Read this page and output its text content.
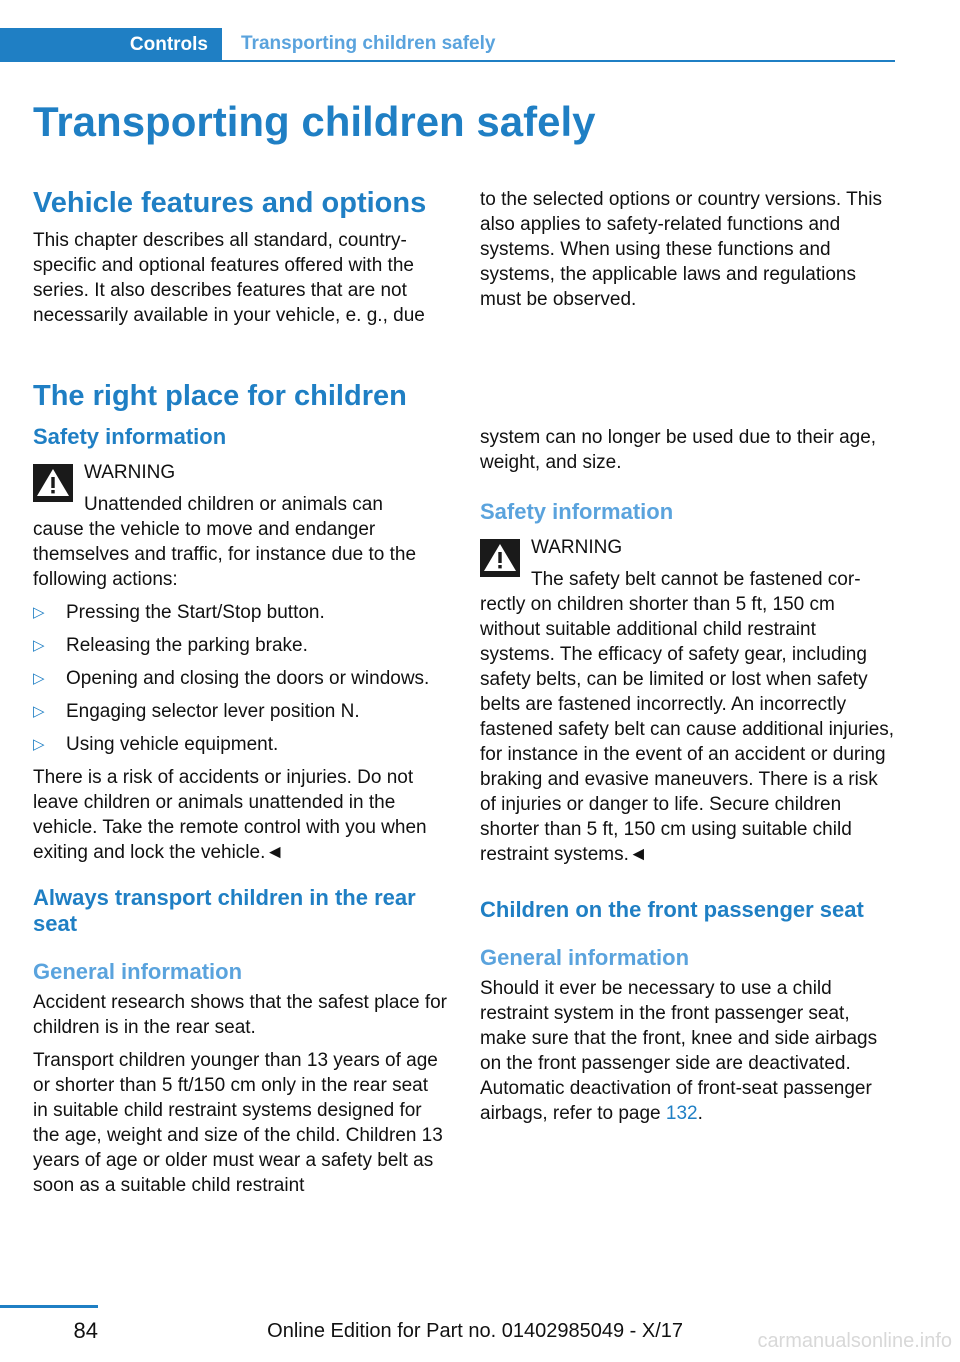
Controls	Transporting children safely
Transporting children safely
Vehicle features and options

This chapter describes all standard, country-specific and optional features offered with the series. It also describes features that are not necessarily available in your vehicle, e. g., due

to the selected options or country versions. This also applies to safety-related functions and systems. When using these functions and systems, the applicable laws and regulations must be observed.

The right place for children
Safety information

WARNING

Unattended children or animals can

cause the vehicle to move and endanger themselves and traffic, for instance due to the following actions:

▷ Pressing the Start/Stop button.
▷ Releasing the parking brake.
▷ Opening and closing the doors or windows.
▷ Engaging selector lever position N.
▷ Using vehicle equipment.

There is a risk of accidents or injuries. Do not leave children or animals unattended in the vehicle. Take the remote control with you when exiting and lock the vehicle.◄

Always transport children in the rear seat
General information

Accident research shows that the safest place for children is in the rear seat.

Transport children younger than 13 years of age or shorter than 5 ft/150 cm only in the rear seat in suitable child restraint systems designed for the age, weight and size of the child. Children 13 years of age or older must wear a safety belt as soon as a suitable child restraint

system can no longer be used due to their age, weight, and size.

Safety information

WARNING

The safety belt cannot be fastened cor-

rectly on children shorter than 5 ft, 150 cm without suitable additional child restraint systems. The efficacy of safety gear, including safety belts, can be limited or lost when safety belts are fastened incorrectly. An incorrectly fastened safety belt can cause additional injuries, for instance in the event of an accident or during braking and evasive maneuvers. There is a risk of injuries or danger to life. Secure children shorter than 5 ft, 150 cm using suitable child restraint systems.◄

Children on the front passenger seat
General information

Should it ever be necessary to use a child restraint system in the front passenger seat, make sure that the front, knee and side airbags on the front passenger side are deactivated. Automatic deactivation of front-seat passenger airbags, refer to page 132.

84	Online Edition for Part no. 01402985049 - X/17	carmanualsonline.info
